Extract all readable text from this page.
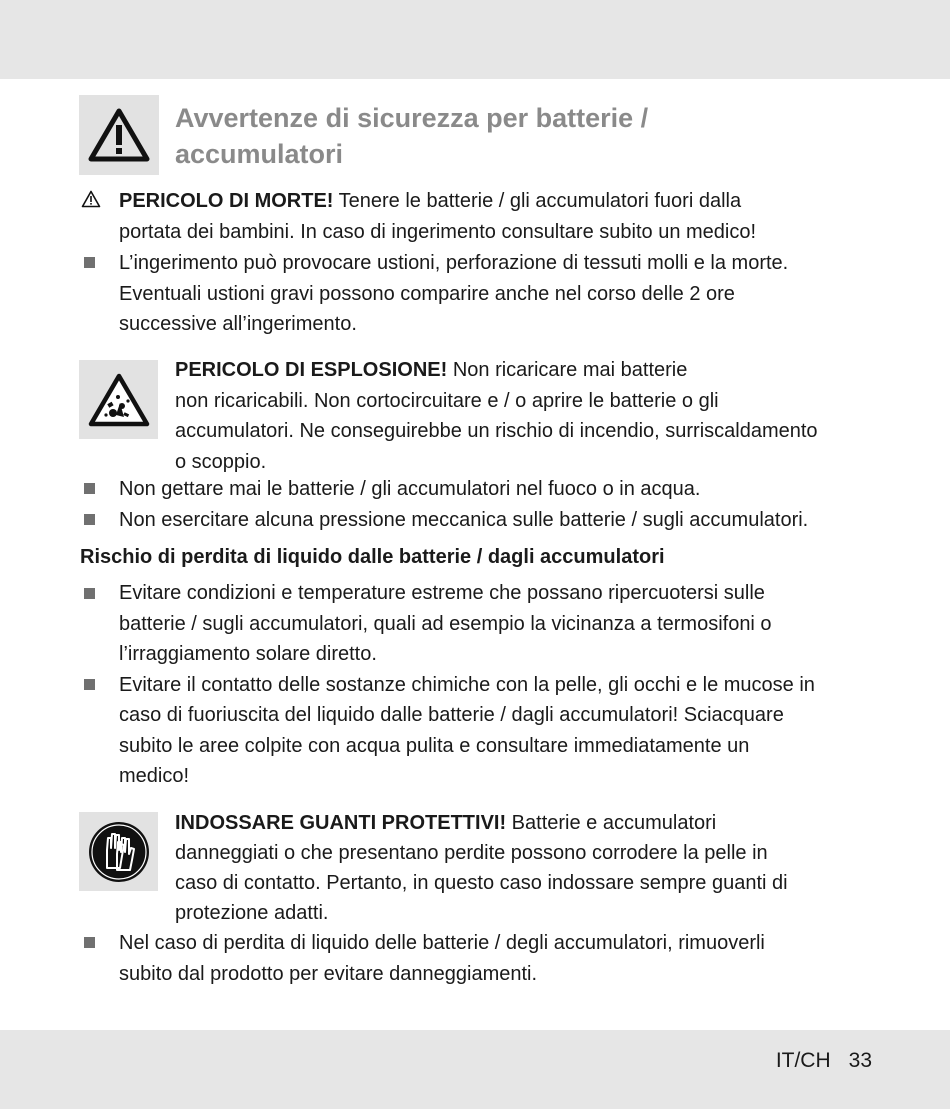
Avvertenze di sicurezza per batterie /
accumulatori
PERICOLO DI MORTE! Tenere le batterie / gli accumulatori fuori dalla
portata dei bambini. In caso di ingerimento consultare subito un medico!
L’ingerimento può provocare ustioni, perforazione di tessuti molli e la morte.
Eventuali ustioni gravi possono comparire anche nel corso delle 2 ore
successive all’ingerimento.
PERICOLO DI ESPLOSIONE! Non ricaricare mai batterie
non ricaricabili. Non cortocircuitare e / o aprire le batterie o gli
accumulatori. Ne conseguirebbe un rischio di incendio, surriscaldamento
o scoppio.
Non gettare mai le batterie / gli accumulatori nel fuoco o in acqua.
Non esercitare alcuna pressione meccanica sulle batterie / sugli accumulatori.
Rischio di perdita di liquido dalle batterie / dagli accumulatori
Evitare condizioni e temperature estreme che possano ripercuotersi sulle
batterie / sugli accumulatori, quali ad esempio la vicinanza a termosifoni o
l’irraggiamento solare diretto.
Evitare il contatto delle sostanze chimiche con la pelle, gli occhi e le mucose in
caso di fuoriuscita del liquido dalle batterie / dagli accumulatori! Sciacquare
subito le aree colpite con acqua pulita e consultare immediatamente un
medico!
INDOSSARE GUANTI PROTETTIVI! Batterie e accumulatori
danneggiati o che presentano perdite possono corrodere la pelle in
caso di contatto. Pertanto, in questo caso indossare sempre guanti di
protezione adatti.
Nel caso di perdita di liquido delle batterie / degli accumulatori, rimuoverli
subito dal prodotto per evitare danneggiamenti.
IT/CH 33
